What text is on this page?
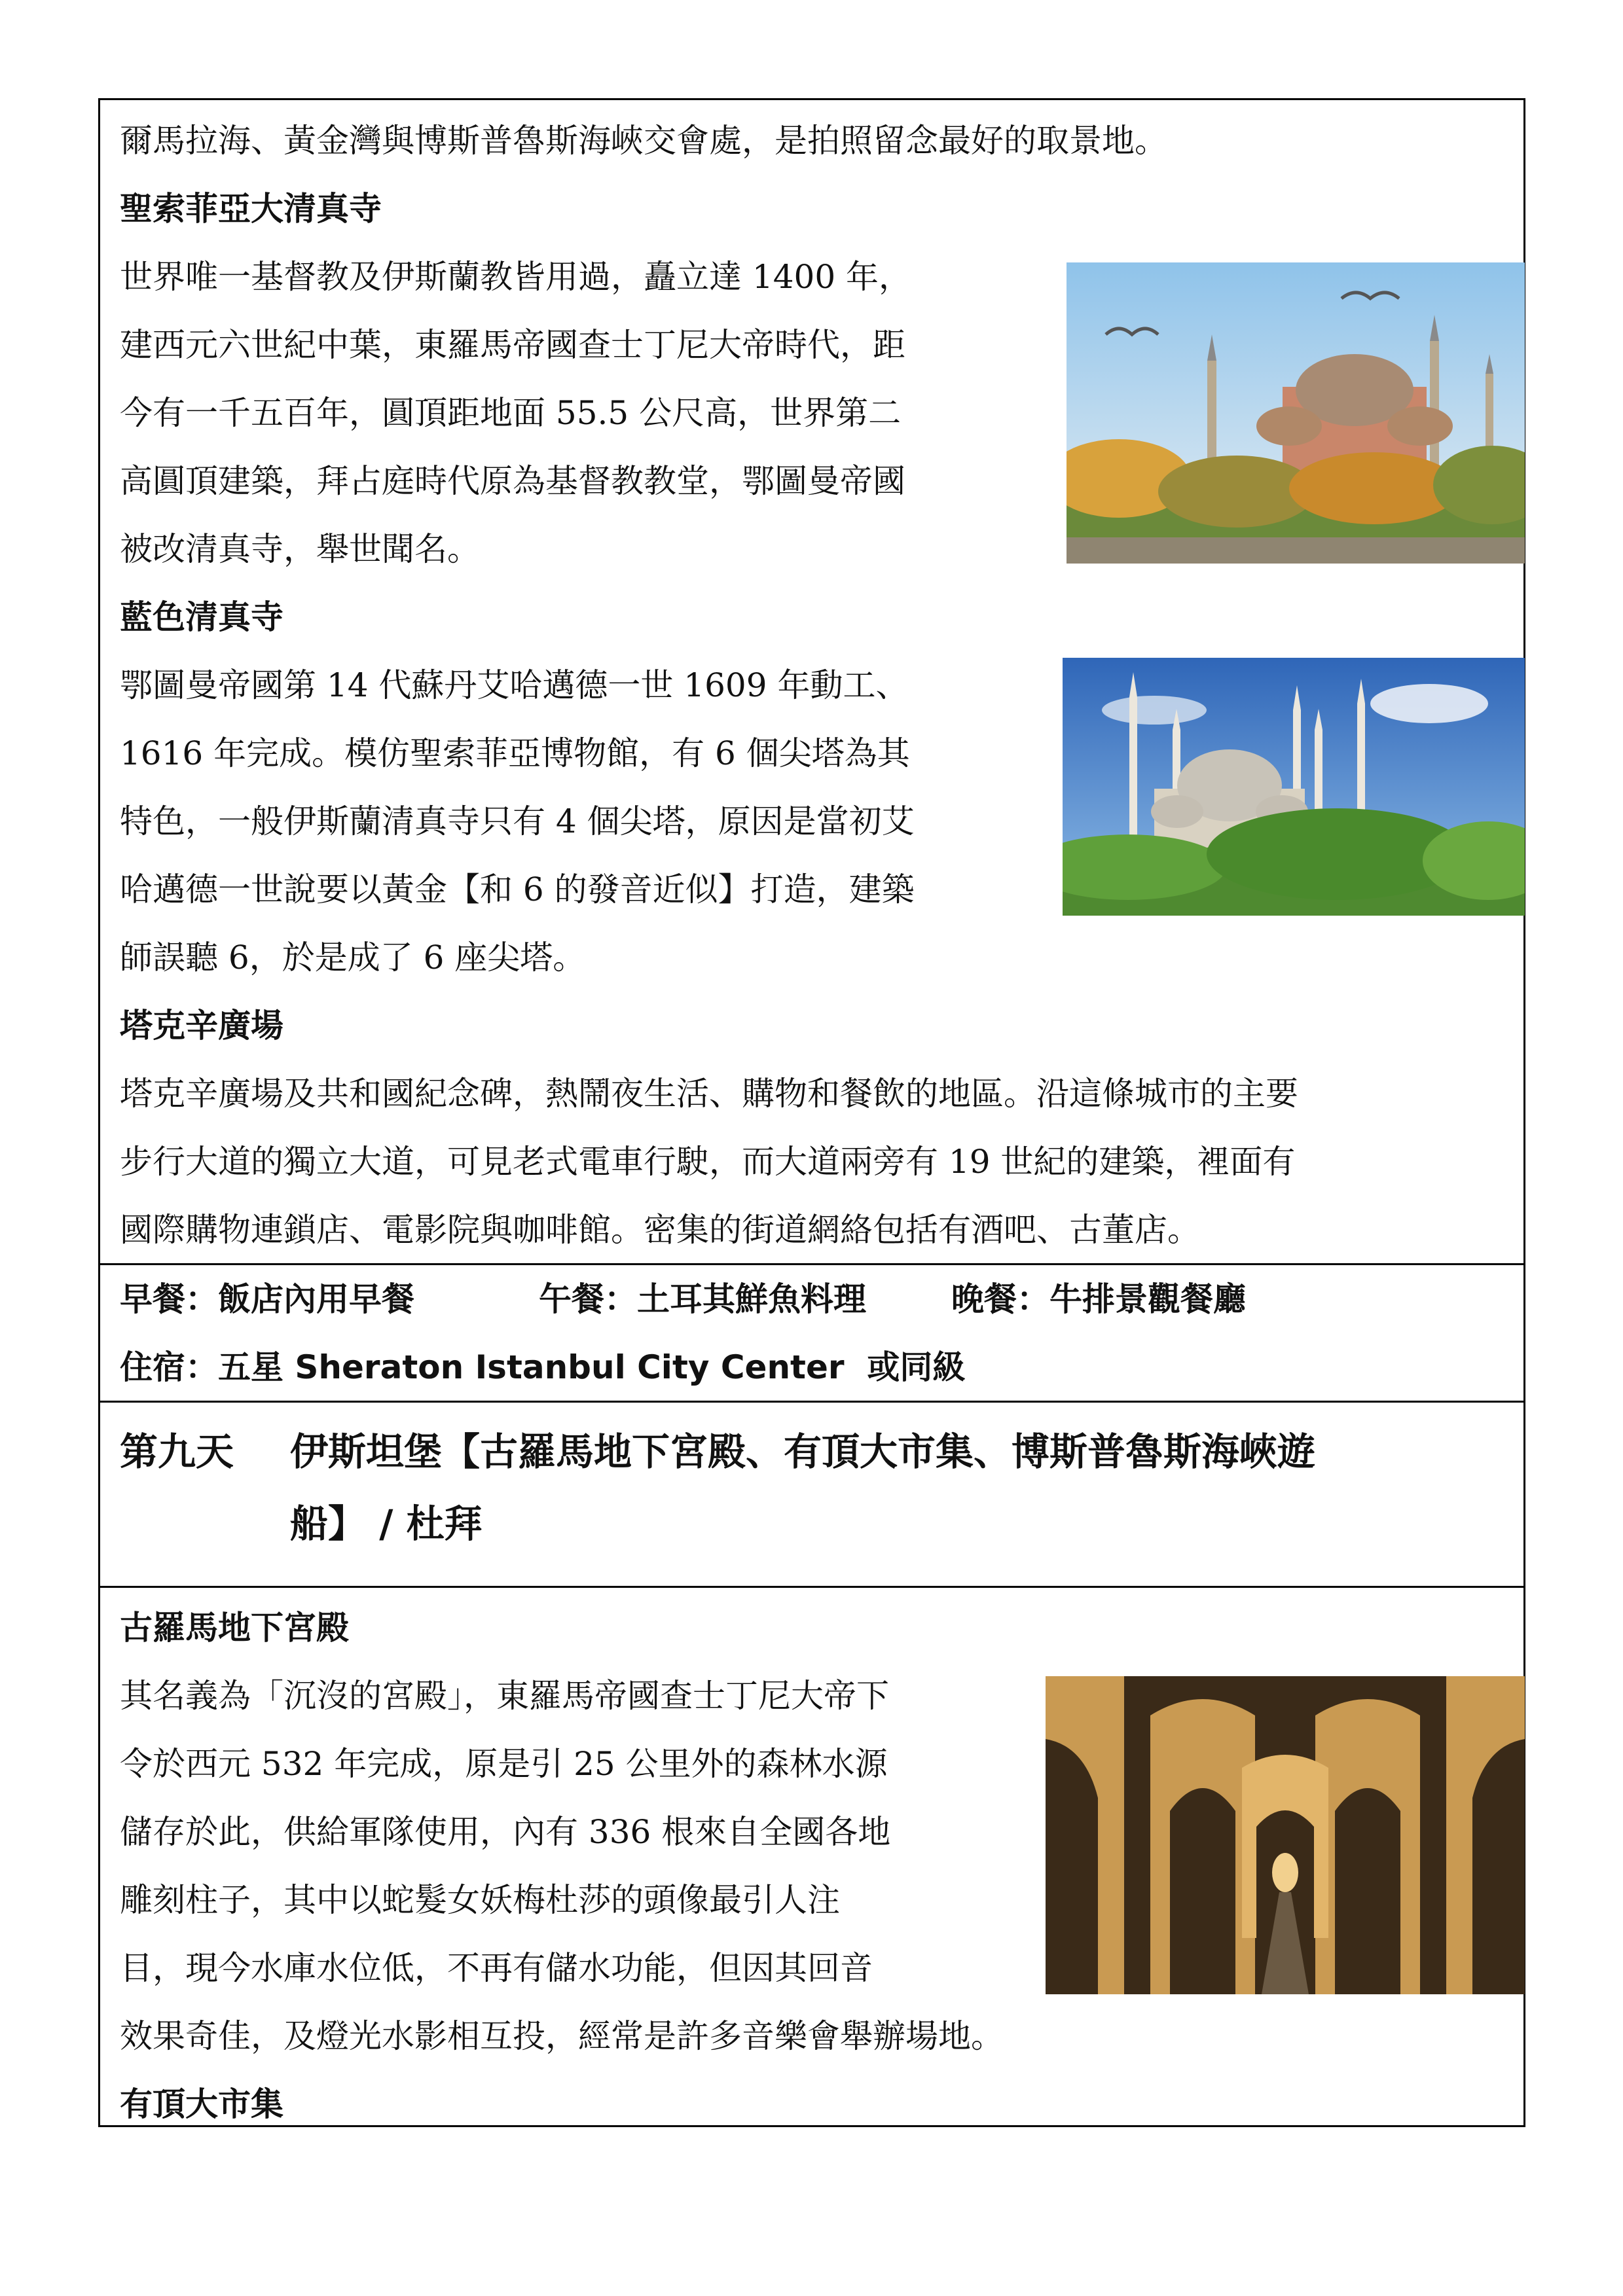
爾馬拉海、黃金灣與博斯普魯斯海峽交會處，是拍照留念最好的取景地。
聖索菲亞大清真寺
世界唯一基督教及伊斯蘭教皆用過，矗立達 1400 年，
建西元六世紀中葉，東羅馬帝國查士丁尼大帝時代，距
今有一千五百年，圓頂距地面 55.5 公尺高，世界第二
高圓頂建築，拜占庭時代原為基督教教堂，鄂圖曼帝國
被改清真寺，舉世聞名。
藍色清真寺
鄂圖曼帝國第 14 代蘇丹艾哈邁德一世 1609 年動工、
1616 年完成。模仿聖索菲亞博物館，有 6 個尖塔為其
特色，一般伊斯蘭清真寺只有 4 個尖塔，原因是當初艾
哈邁德一世說要以黃金【和 6 的發音近似】打造，建築
師誤聽 6，於是成了 6 座尖塔。
塔克辛廣場
塔克辛廣場及共和國紀念碑，熱鬧夜生活、購物和餐飲的地區。沿這條城市的主要
步行大道的獨立大道，可見老式電車行駛，而大道兩旁有 19 世紀的建築，裡面有
國際購物連鎖店、電影院與咖啡館。密集的街道網絡包括有酒吧、古董店。
早餐：飯店內用早餐	午餐：土耳其鮮魚料理	晚餐：牛排景觀餐廳
住宿：五星 Sheraton Istanbul City Center  或同級
第九天 伊斯坦堡【古羅馬地下宮殿、有頂大市集、博斯普魯斯海峽遊
船】 / 杜拜
古羅馬地下宮殿
其名義為「沉沒的宮殿」，東羅馬帝國查士丁尼大帝下
令於西元 532 年完成，原是引 25 公里外的森林水源
儲存於此，供給軍隊使用，內有 336 根來自全國各地
雕刻柱子，其中以蛇髮女妖梅杜莎的頭像最引人注
目，現今水庫水位低，不再有儲水功能，但因其回音
效果奇佳，及燈光水影相互投，經常是許多音樂會舉辦場地。
有頂大市集
